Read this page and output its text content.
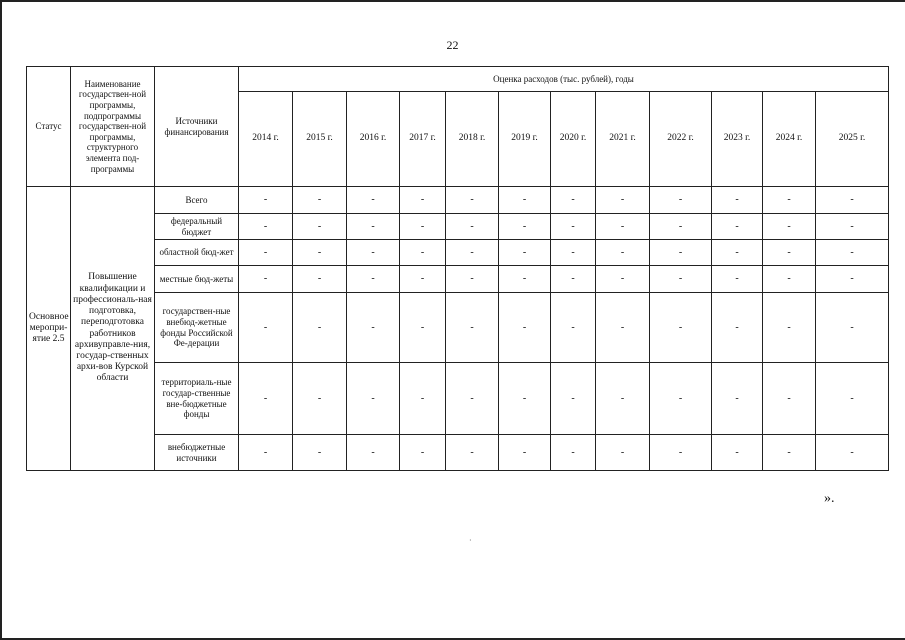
22
Статус	Наименование государствен-ной программы, подпрограммы государствен-ной программы, структурного элемента под-программы	Источники финансирования	Оценка расходов (тыс. рублей), годы											
			2014 г.	2015 г.	2016 г.	2017 г.	2018 г.	2019 г.	2020 г.	2021 г.	2022 г.	2023 г.	2024 г.	2025 г.
Основное меропри-ятие 2.5	Повышение квалификации и профессиональ-ная подготовка, переподготовка работников архивуправле-ния, государ-ственных архи-вов Курской области	Всего	-	-	-	-	-	-	-	-	-	-	-	-
		федеральный бюджет	-	-	-	-	-	-	-	-	-	-	-	-
		областной бюд-жет	-	-	-	-	-	-	-	-	-	-	-	-
		местные бюд-жеты	-	-	-	-	-	-	-	-	-	-	-	-
		государствен-ные внебюд-жетные фонды Российской Фе-дерации	-	-	-	-	-	-	-	-	-	-	-	-
		территориаль-ные государ-ственные вне-бюджетные фонды	-	-	-	-	-	-	-	-	-	-	-	-
		внебюджетные источники	-	-	-	-	-	-	-	-	-	-	-	-
».
·
